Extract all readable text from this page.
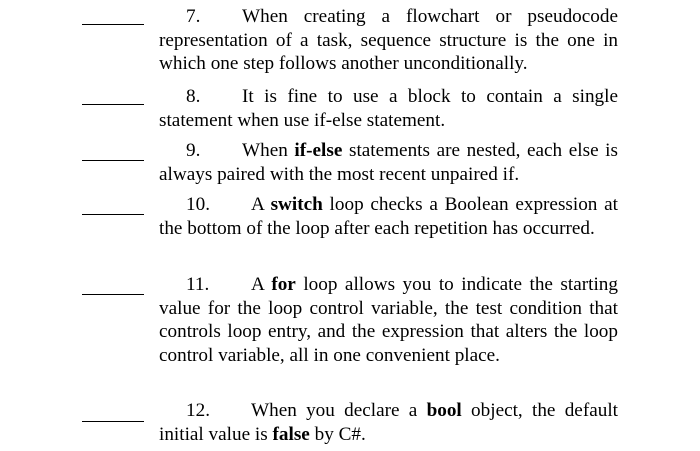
7. When creating a flowchart or pseudocode representation of a task, sequence structure is the one in which one step follows another unconditionally.
8. It is fine to use a block to contain a single statement when use if-else statement.
9. When if-else statements are nested, each else is always paired with the most recent unpaired if.
10. A switch loop checks a Boolean expression at the bottom of the loop after each repetition has occurred.
11. A for loop allows you to indicate the starting value for the loop control variable, the test condition that controls loop entry, and the expression that alters the loop control variable, all in one convenient place.
12. When you declare a bool object, the default initial value is false by C#.
